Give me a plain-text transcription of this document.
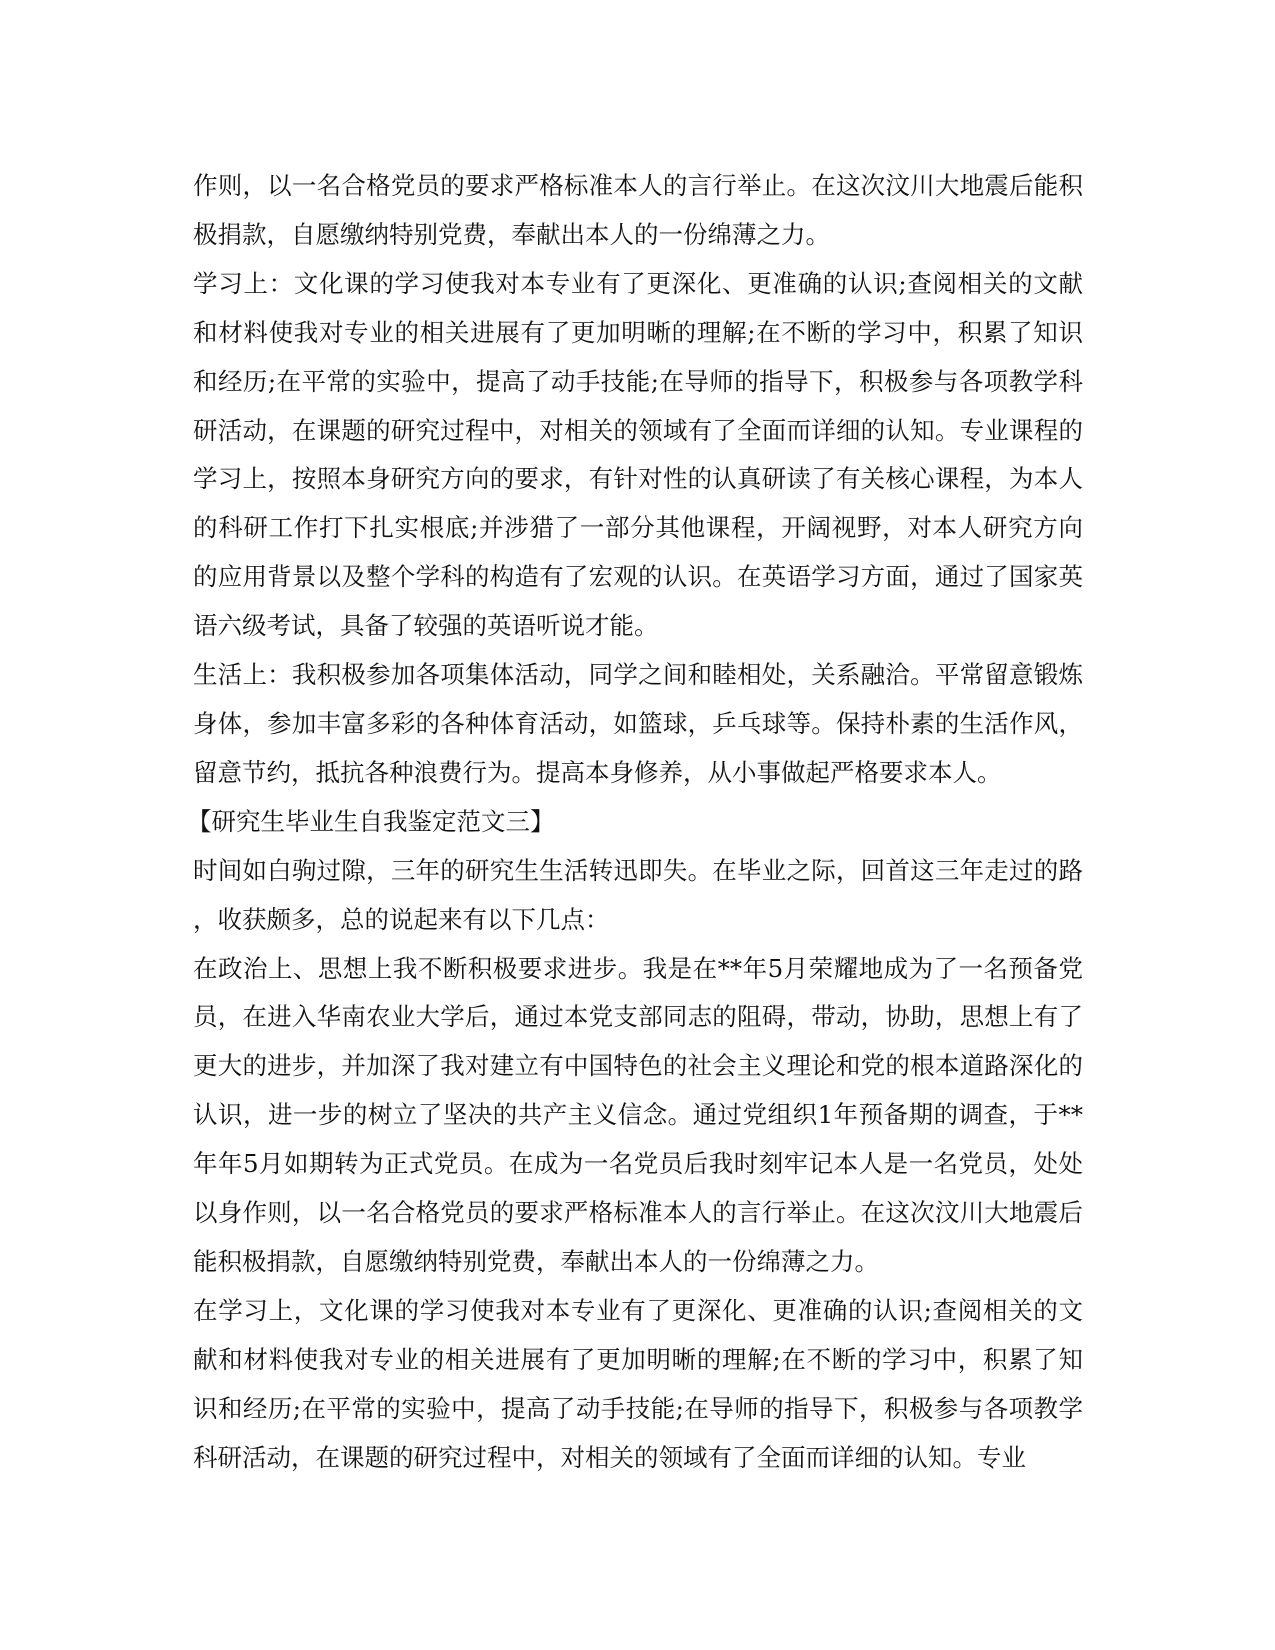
作则，以一名合格党员的要求严格标准本人的言行举止。在这次汶川大地震后能积极捐款，自愿缴纳特别党费，奉献出本人的一份绵薄之力。

学习上：文化课的学习使我对本专业有了更深化、更准确的认识;查阅相关的文献和材料使我对专业的相关进展有了更加明晰的理解;在不断的学习中，积累了知识和经历;在平常的实验中，提高了动手技能;在导师的指导下，积极参与各项教学科研活动，在课题的研究过程中，对相关的领域有了全面而详细的认知。专业课程的学习上，按照本身研究方向的要求，有针对性的认真研读了有关核心课程，为本人的科研工作打下扎实根底;并涉猎了一部分其他课程，开阔视野，对本人研究方向的应用背景以及整个学科的构造有了宏观的认识。在英语学习方面，通过了国家英语六级考试，具备了较强的英语听说才能。

生活上：我积极参加各项集体活动，同学之间和睦相处，关系融洽。平常留意锻炼身体，参加丰富多彩的各种体育活动，如篮球，乒乓球等。保持朴素的生活作风，留意节约，抵抗各种浪费行为。提高本身修养，从小事做起严格要求本人。

【研究生毕业生自我鉴定范文三】

时间如白驹过隙，三年的研究生生活转迅即失。在毕业之际，回首这三年走过的路，收获颇多，总的说起来有以下几点：

在政治上、思想上我不断积极要求进步。我是在**年5月荣耀地成为了一名预备党员，在进入华南农业大学后，通过本党支部同志的阻碍，带动，协助，思想上有了更大的进步，并加深了我对建立有中国特色的社会主义理论和党的根本道路深化的认识，进一步的树立了坚决的共产主义信念。通过党组织1年预备期的调查，于**年年5月如期转为正式党员。在成为一名党员后我时刻牢记本人是一名党员，处处以身作则，以一名合格党员的要求严格标准本人的言行举止。在这次汶川大地震后能积极捐款，自愿缴纳特别党费，奉献出本人的一份绵薄之力。

在学习上，文化课的学习使我对本专业有了更深化、更准确的认识;查阅相关的文献和材料使我对专业的相关进展有了更加明晰的理解;在不断的学习中，积累了知识和经历;在平常的实验中，提高了动手技能;在导师的指导下，积极参与各项教学科研活动，在课题的研究过程中，对相关的领域有了全面而详细的认知。专业
